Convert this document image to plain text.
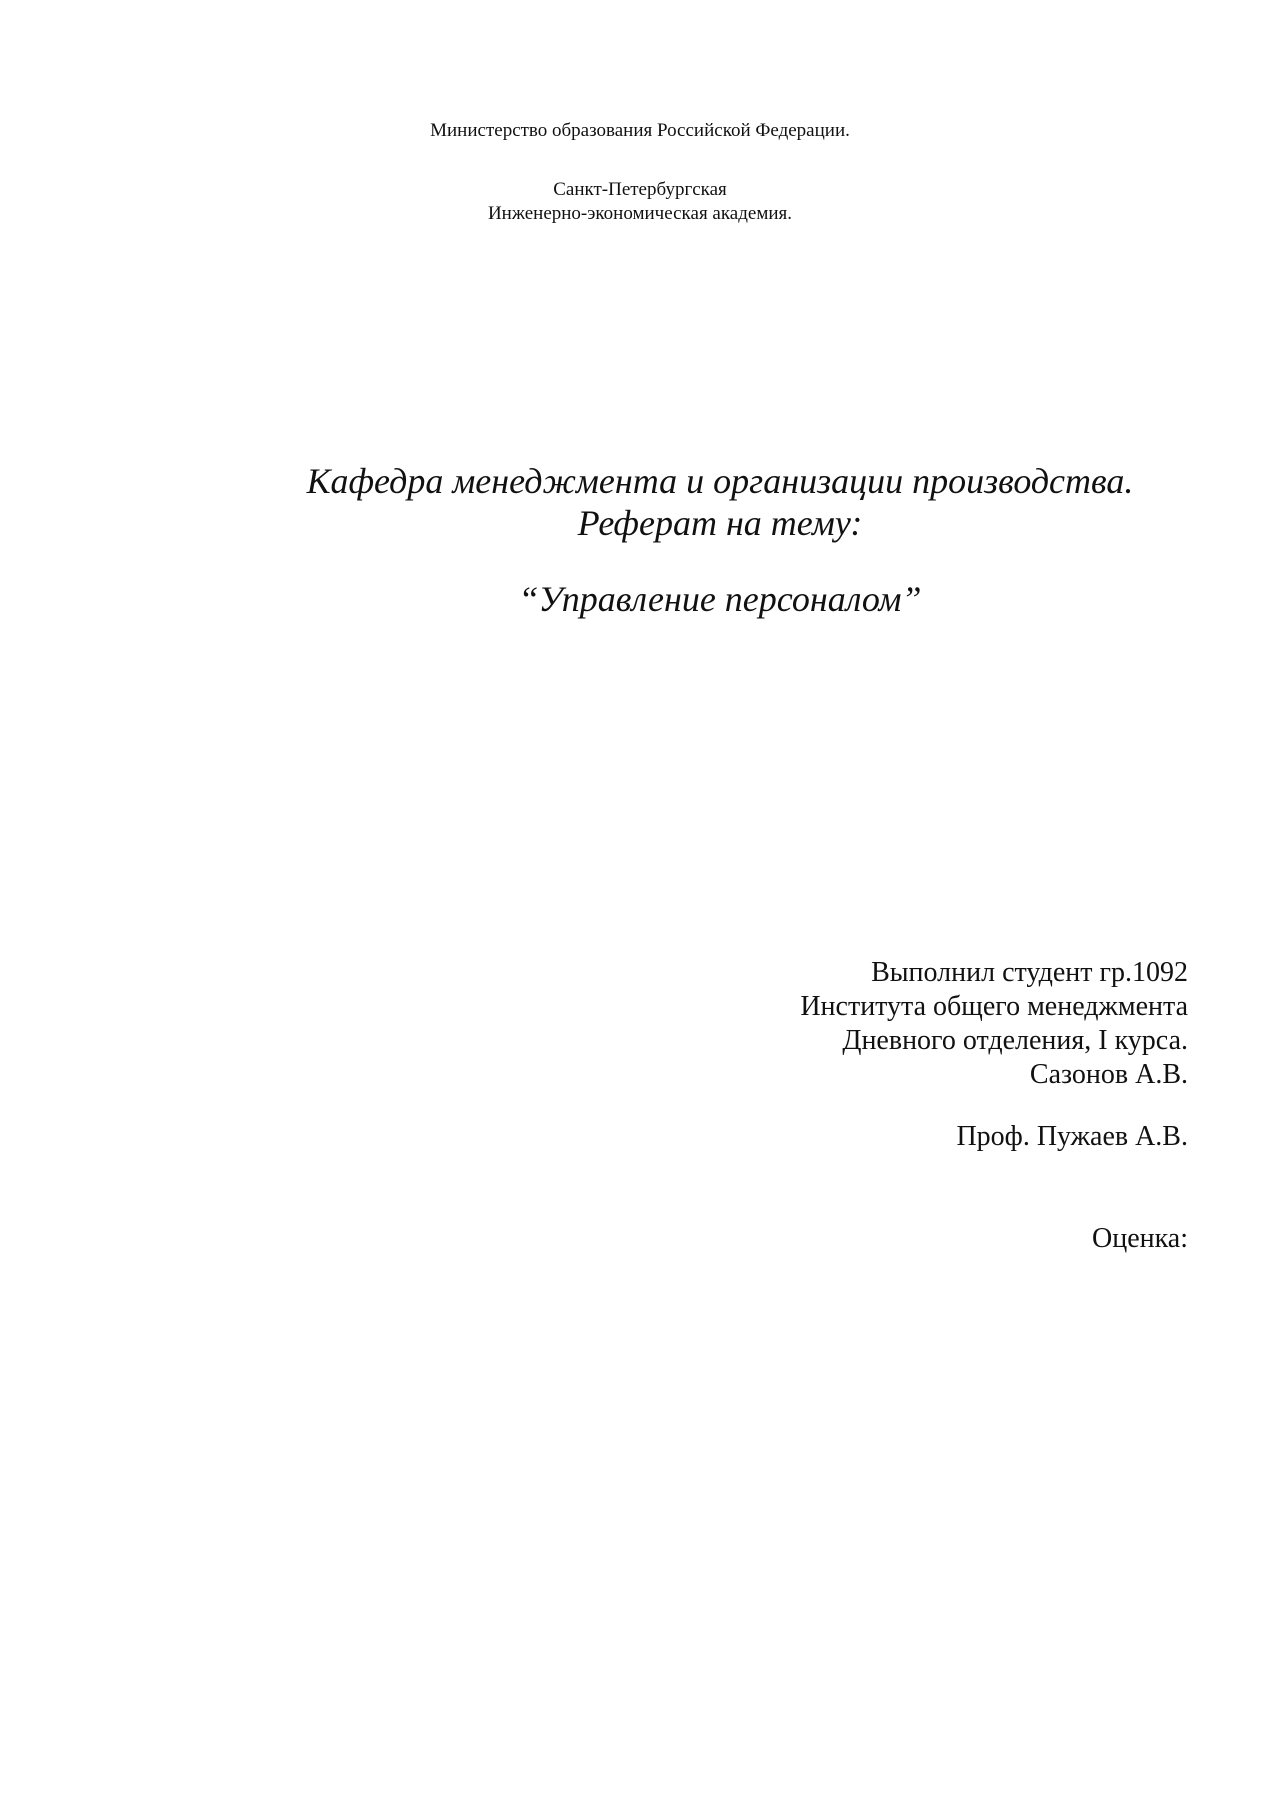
Министерство образования Российской Федерации.
Санкт-Петербургская
Инженерно-экономическая академия.
Кафедра менеджмента и организации производства.
Реферат на тему:
“Управление персоналом”
Выполнил студент гр.1092
Института общего менеджмента
Дневного отделения, I курса.
Сазонов А.В.
Проф. Пужаев А.В.
Оценка:
